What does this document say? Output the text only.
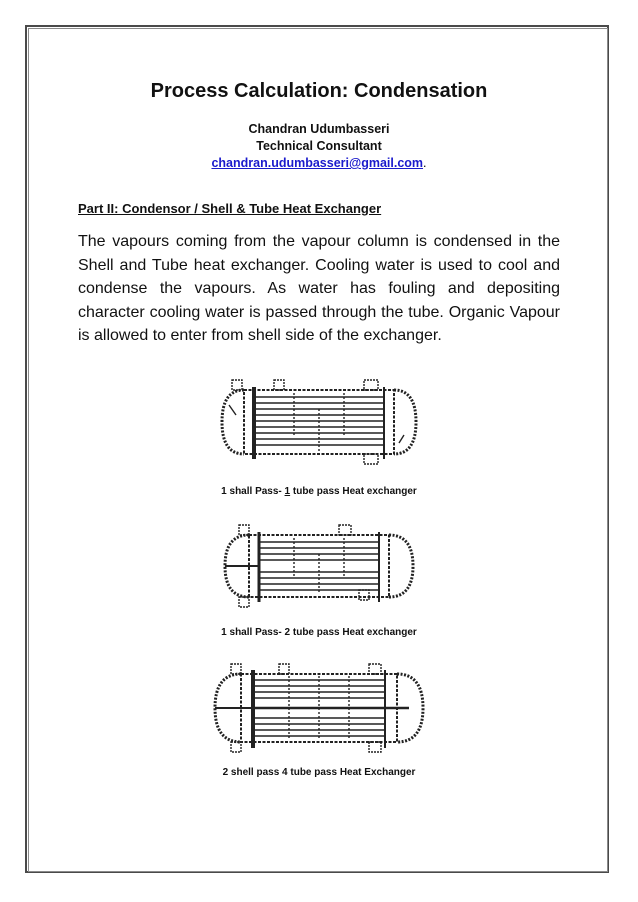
Process Calculation: Condensation
Chandran Udumbasseri
Technical Consultant
chandran.udumbasseri@gmail.com.
Part II: Condensor / Shell & Tube Heat Exchanger
The vapours coming from the vapour column is condensed in the Shell and Tube heat exchanger. Cooling water is used to cool and condense the vapours. As water has fouling and depositing character cooling water is passed through the tube. Organic Vapour is allowed to enter from shell side of the exchanger.
1 shall Pass- 1 tube pass Heat exchanger
1 shall Pass- 2 tube pass Heat exchanger
2 shell pass 4 tube pass Heat Exchanger
